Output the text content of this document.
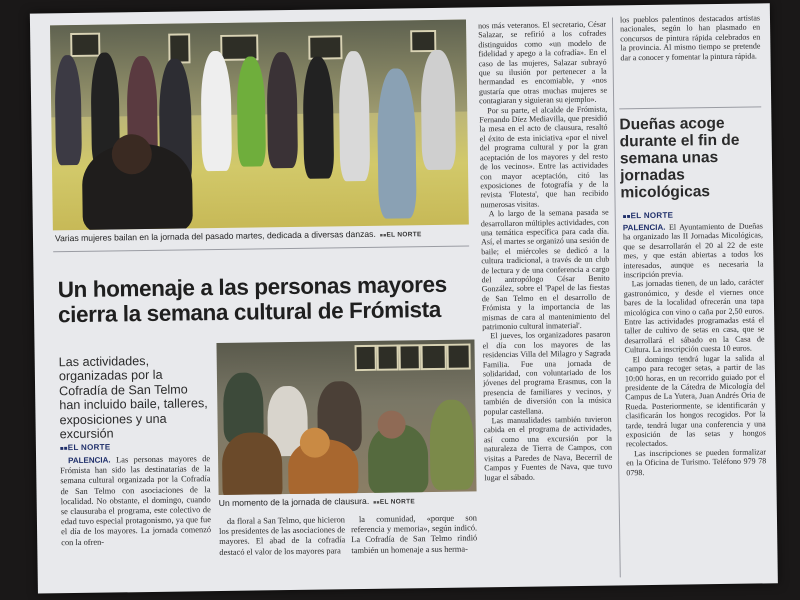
Varias mujeres bailan en la jornada del pasado martes, dedicada a diversas danzas. ■■ EL NORTE
Un homenaje a las personas mayores cierra la semana cultural de Frómista
Las actividades, organizadas por la Cofradía de San Telmo han incluido baile, talleres, exposiciones y una excursión
■■ EL NORTE

PALENCIA. Las personas mayores de Frómista han sido las destinatarias de la semana cultural organizada por la Cofradía de San Telmo con asociaciones de la localidad. No obstante, el domingo, cuando se clausuraba el programa, este colectivo de edad tuvo especial protagonismo, ya que fue el día de los mayores. La jornada comenzó con la ofren-

Un momento de la jornada de clausura. ■■ EL NORTE

da floral a San Telmo, que hicieron los presidentes de las asociaciones de mayores. El abad de la cofradía destacó el valor de los mayores para

la comunidad, «porque son referencia y memoria», según indicó. La Cofradía de San Telmo rindió también un homenaje a sus herma-

nos más veteranos. El secretario, César Salazar, se refirió a los cofrades distinguidos como «un modelo de fidelidad y apego a la cofradía». En el caso de las mujeres, Salazar subrayó que su ilusión por pertenecer a la hermandad es encomiable, y «nos gustaría que otras muchas mujeres se contagiaran y siguieran su ejemplo».

Por su parte, el alcalde de Frómista, Fernando Díez Mediavilla, que presidió la mesa en el acto de clausura, resaltó el éxito de esta iniciativa «por el nivel del programa cultural y por la gran aceptación de los mayores y del resto de los vecinos». Entre las actividades con mayor aceptación, citó las exposiciones de fotografía y de la revista 'Flotesta', que han recibido numerosas visitas.

A lo largo de la semana pasada se desarrollaron múltiples actividades, con una temática específica para cada día. Así, el martes se organizó una sesión de baile; el miércoles se dedicó a la cultura tradicional, a través de un club de lectura y de una conferencia a cargo del antropólogo César Benito González, sobre el 'Papel de las fiestas de San Telmo en el desarrollo de Frómista y la importancia de las mismas de cara al mantenimiento del patrimonio cultural inmaterial'.

El jueves, los organizadores pasaron el día con los mayores de las residencias Villa del Milagro y Sagrada Familia. Fue una jornada de solidaridad, con voluntariado de los jóvenes del programa Erasmus, con la presencia de familiares y vecinos, y también de diversión con la música popular castellana.

Las manualidades también tuvieron cabida en el programa de actividades, así como una excursión por la naturaleza de Tierra de Campos, con visitas a Paredes de Nava, Becerril de Campos y Fuentes de Nava, que tuvo lugar el sábado.

los pueblos palentinos destacados artistas nacionales, según lo han plasmado en concursos de pintura rápida celebrados en la provincia. Al mismo tiempo se pretende dar a conocer y fomentar la pintura rápida.

Dueñas acoge durante el fin de semana unas jornadas micológicas
■■ EL NORTE

PALENCIA. El Ayuntamiento de Dueñas ha organizado las II Jornadas Micológicas, que se desarrollarán el 20 al 22 de este mes, y que están abiertas a todos los interesados, aunque es necesaria la inscripción previa.

Las jornadas tienen, de un lado, carácter gastronómico, y desde el viernes once bares de la localidad ofrecerán una tapa micológica con vino o caña por 2,50 euros. Entre las actividades programadas está el taller de cultivo de setas en casa, que se desarrollará el sábado en la Casa de Cultura. La inscripción cuesta 10 euros.

El domingo tendrá lugar la salida al campo para recoger setas, a partir de las 10:00 horas, en un recorrido guiado por el presidente de la Cátedra de Micología del Campus de La Yutera, Juan Andrés Oria de Rueda. Posteriormente, se identificarán y clasificarán los hongos recogidos. Por la tarde, tendrá lugar una conferencia y una exposición de las setas y hongos recolectados.

Las inscripciones se pueden formalizar en la Oficina de Turismo. Teléfono 979 78 0798.
